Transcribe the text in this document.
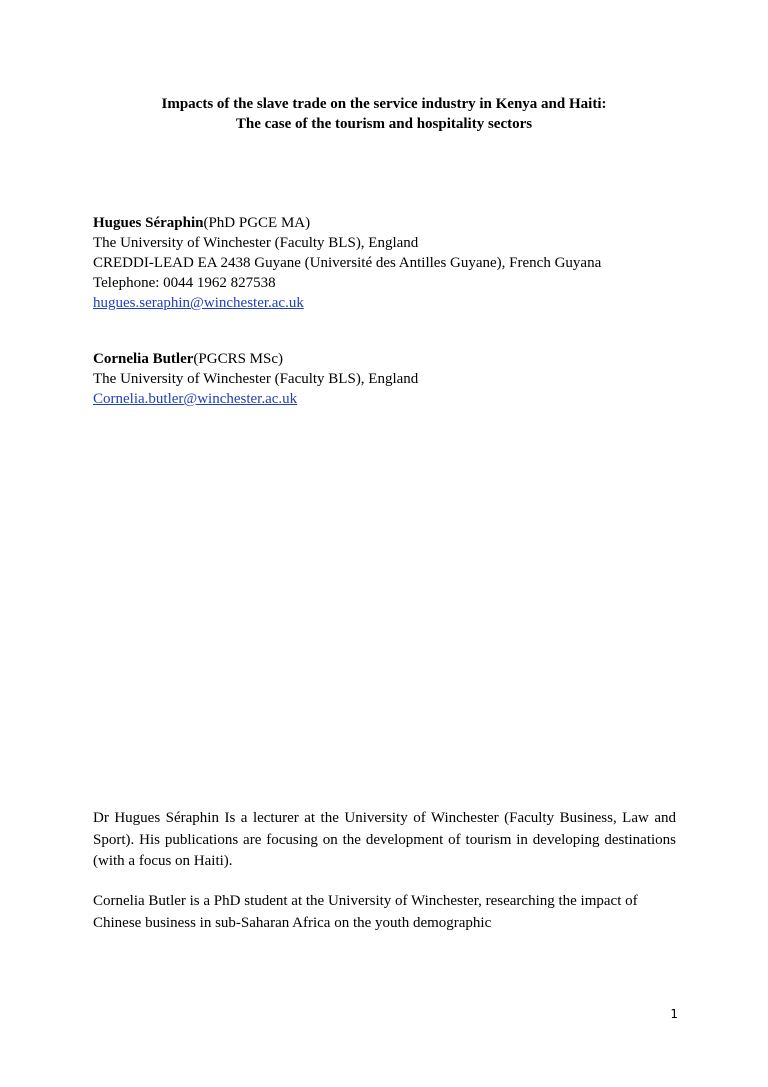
Impacts of the slave trade on the service industry in Kenya and Haiti:
The case of the tourism and hospitality sectors
Hugues Séraphin(PhD PGCE MA)
The University of Winchester (Faculty BLS), England
CREDDI-LEAD EA 2438 Guyane (Université des Antilles Guyane), French Guyana
Telephone: 0044 1962 827538
hugues.seraphin@winchester.ac.uk
Cornelia Butler(PGCRS MSc)
The University of Winchester (Faculty BLS), England
Cornelia.butler@winchester.ac.uk
Dr Hugues Séraphin Is a lecturer at the University of Winchester (Faculty Business, Law and Sport). His publications are focusing on the development of tourism in developing destinations (with a focus on Haiti).
Cornelia Butler is a PhD student at the University of Winchester, researching the impact of Chinese business in sub-Saharan Africa on the youth demographic
1
